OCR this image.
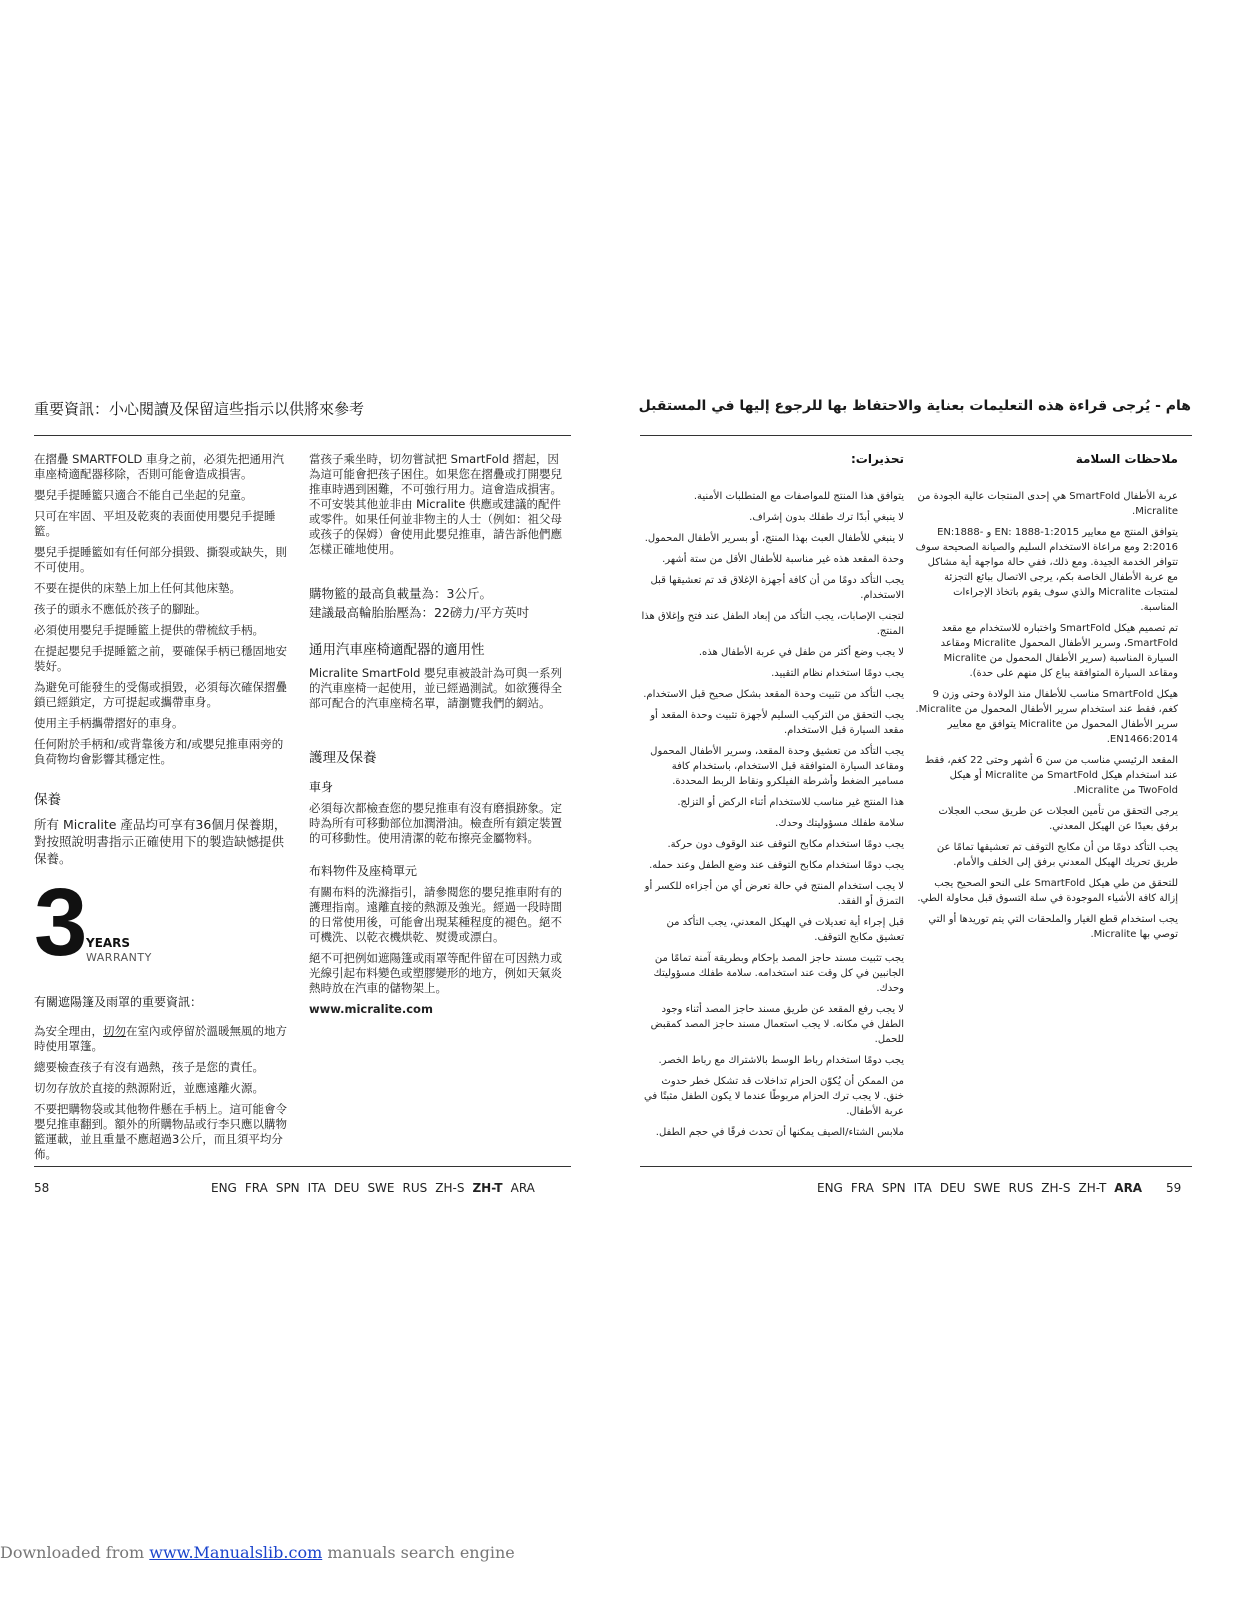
重要資訊：小心閱讀及保留這些指示以供將來參考

在摺疊 SMARTFOLD 車身之前，必須先把通用汽車座椅適配器移除，否則可能會造成損害。

嬰兒手提睡籃只適合不能自己坐起的兒童。

只可在牢固、平坦及乾爽的表面使用嬰兒手提睡籃。

嬰兒手提睡籃如有任何部分損毀、撕裂或缺失，則不可使用。

不要在提供的床墊上加上任何其他床墊。

孩子的頭永不應低於孩子的腳趾。

必須使用嬰兒手提睡籃上提供的帶梳紋手柄。

在提起嬰兒手提睡籃之前，要確保手柄已穩固地安裝好。

為避免可能發生的受傷或損毀，必須每次確保摺疊鎖已經鎖定，方可提起或攜帶車身。

使用主手柄攜帶摺好的車身。

任何附於手柄和/或背靠後方和/或嬰兒推車兩旁的負荷物均會影響其穩定性。

保養

所有 Micralite 產品均可享有36個月保養期，對按照說明書指示正確使用下的製造缺憾提供保養。

3
YEARS
WARRANTY
有關遮陽篷及雨罩的重要資訊：

為安全理由，切勿在室內或停留於溫暖無風的地方時使用罩篷。

總要檢查孩子有沒有過熱，孩子是您的責任。

切勿存放於直接的熱源附近，並應遠離火源。

不要把購物袋或其他物件懸在手柄上。這可能會令嬰兒推車翻到。額外的所購物品或行李只應以購物籃運載，並且重量不應超過3公斤，而且須平均分佈。

當孩子乘坐時，切勿嘗試把 SmartFold 摺起，因為這可能會把孩子困住。如果您在摺疊或打開嬰兒推車時遇到困難，不可強行用力。這會造成損害。不可安裝其他並非由 Micralite 供應或建議的配件或零件。如果任何並非物主的人士（例如：祖父母或孩子的保姆）會使用此嬰兒推車，請告訴他們應怎樣正確地使用。

購物籃的最高負載量為：3公斤。

建議最高輪胎胎壓為：22磅力/平方英吋

通用汽車座椅適配器的適用性

Micralite SmartFold 嬰兒車被設計為可與一系列的汽車座椅一起使用，並已經過測試。如欲獲得全部可配合的汽車座椅名單，請瀏覽我們的網站。

護理及保養
車身

必須每次都檢查您的嬰兒推車有沒有磨損跡象。定時為所有可移動部位加潤滑油。檢查所有鎖定裝置的可移動性。使用清潔的乾布擦亮金屬物料。

布料物件及座椅單元

有關布料的洗滌指引，請參閱您的嬰兒推車附有的護理指南。遠離直接的熱源及強光。經過一段時間的日常使用後，可能會出現某種程度的褪色。絕不可機洗、以乾衣機烘乾、熨燙或漂白。

絕不可把例如遮陽篷或雨罩等配件留在可因熱力或光線引起布料變色或塑膠變形的地方，例如天氣炎熱時放在汽車的儲物架上。

www.micralite.com

58	ENG FRA SPN ITA DEU SWE RUS ZH-S ZH-T ARA
هام - يُرجى قراءة هذه التعليمات بعناية والاحتفاظ بها للرجوع إليها في المستقبل
ملاحظات السلامة

عربة الأطفال SmartFold هي إحدى المنتجات عالية الجودة من Micralite.

يتوافق المنتج مع معايير EN: 1888-1:2015 و EN:1888-2:2016 ومع مراعاة الاستخدام السليم والصيانة الصحيحة سوف تتوافر الخدمة الجيدة. ومع ذلك، ففي حالة مواجهة أية مشاكل مع عربة الأطفال الخاصة بكم، يرجى الاتصال ببائع التجزئة لمنتجات Micralite والذي سوف يقوم باتخاذ الإجراءات المناسبة.

تم تصميم هيكل SmartFold واختباره للاستخدام مع مقعد SmartFold، وسرير الأطفال المحمول Micralite ومقاعد السيارة المناسبة (سرير الأطفال المحمول من Micralite ومقاعد السيارة المتوافقة يباع كل منهم على حدة).

هيكل SmartFold مناسب للأطفال منذ الولادة وحتى وزن 9 كغم، فقط عند استخدام سرير الأطفال المحمول من Micralite. سرير الأطفال المحمول من Micralite يتوافق مع معايير EN1466:2014.

المقعد الرئيسي مناسب من سن 6 أشهر وحتى 22 كغم، فقط عند استخدام هيكل SmartFold من Micralite أو هيكل TwoFold من Micralite.

يرجى التحقق من تأمين العجلات عن طريق سحب العجلات برفق بعيدًا عن الهيكل المعدني.

يجب التأكد دومًا من أن مكابح التوقف تم تعشيقها تمامًا عن طريق تحريك الهيكل المعدني برفق إلى الخلف والأمام.

للتحقق من طي هيكل SmartFold على النحو الصحيح يجب إزالة كافة الأشياء الموجودة في سلة التسوق قبل محاولة الطي.

يجب استخدام قطع الغيار والملحقات التي يتم توريدها أو التي توصي بها Micralite.

تحذيرات:

يتوافق هذا المنتج للمواصفات مع المتطلبات الأمنية.

لا ينبغي أبدًا ترك طفلك بدون إشراف.

لا ينبغي للأطفال العبث بهذا المنتج، أو بسرير الأطفال المحمول.

وحدة المقعد هذه غير مناسبة للأطفال الأقل من ستة أشهر.

يجب التأكد دومًا من أن كافة أجهزة الإغلاق قد تم تعشيقها قبل الاستخدام.

لتجنب الإصابات، يجب التأكد من إبعاد الطفل عند فتح وإغلاق هذا المنتج.

لا يجب وضع أكثر من طفل في عربة الأطفال هذه.

يجب دومًا استخدام نظام التقييد.

يجب التأكد من تثبيت وحدة المقعد بشكل صحيح قبل الاستخدام.

يجب التحقق من التركيب السليم لأجهزة تثبيت وحدة المقعد أو مقعد السيارة قبل الاستخدام.

يجب التأكد من تعشيق وحدة المقعد، وسرير الأطفال المحمول ومقاعد السيارة المتوافقة قبل الاستخدام، باستخدام كافة مسامير الضغط وأشرطة الفيلكرو ونقاط الربط المحددة.

هذا المنتج غير مناسب للاستخدام أثناء الركض أو التزلج.

سلامة طفلك مسؤوليتك وحدك.

يجب دومًا استخدام مكابح التوقف عند الوقوف دون حركة.

يجب دومًا استخدام مكابح التوقف عند وضع الطفل وعند حمله.

لا يجب استخدام المنتج في حالة تعرض أي من أجزاءه للكسر أو التمزق أو الفقد.

قبل إجراء أية تعديلات في الهيكل المعدني، يجب التأكد من تعشيق مكابح التوقف.

يجب تثبيت مسند حاجز المصد بإحكام وبطريقة آمنة تمامًا من الجانبين في كل وقت عند استخدامه. سلامة طفلك مسؤوليتك وحدك.

لا يجب رفع المقعد عن طريق مسند حاجز المصد أثناء وجود الطفل في مكانه. لا يجب استعمال مسند حاجز المصد كمقبض للحمل.

يجب دومًا استخدام رباط الوسط بالاشتراك مع رباط الخصر.

من الممكن أن يُكوّن الحزام تداخلات قد تشكل خطر حدوث خنق. لا يجب ترك الحزام مربوطًا عندما لا يكون الطفل مثبتًا في عربة الأطفال.

ملابس الشتاء/الصيف يمكنها أن تحدث فرقًا في حجم الطفل.

ENG FRA SPN ITA DEU SWE RUS ZH-S ZH-T ARA	59
Downloaded from www.Manualslib.com manuals search engine
